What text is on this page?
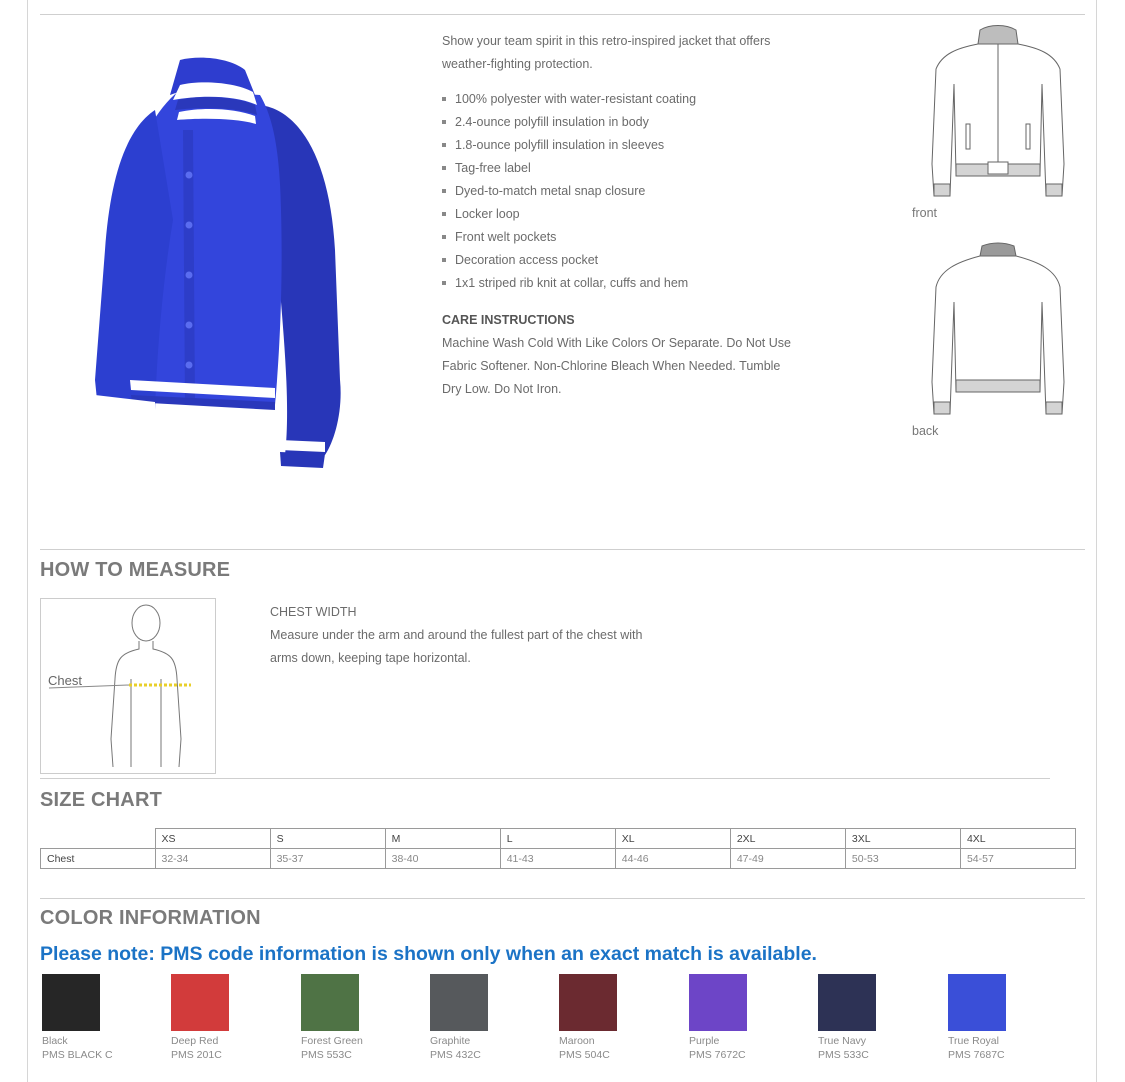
Show your team spirit in this retro-inspired jacket that offers weather-fighting protection.

100% polyester with water-resistant coating
2.4-ounce polyfill insulation in body
1.8-ounce polyfill insulation in sleeves
Tag-free label
Dyed-to-match metal snap closure
Locker loop
Front welt pockets
Decoration access pocket
1x1 striped rib knit at collar, cuffs and hem
CARE INSTRUCTIONS
Machine Wash Cold With Like Colors Or Separate. Do Not Use Fabric Softener. Non-Chlorine Bleach When Needed. Tumble Dry Low. Do Not Iron.
front
back
HOW TO MEASURE
Chest
CHEST WIDTH
Measure under the arm and around the fullest part of the chest with arms down, keeping tape horizontal.
SIZE CHART
	XS	S	M	L	XL	2XL	3XL	4XL
Chest	32-34	35-37	38-40	41-43	44-46	47-49	50-53	54-57
COLOR INFORMATION
Please note: PMS code information is shown only when an exact match is available.
Black
PMS BLACK C
Deep Red
PMS 201C
Forest Green
PMS 553C
Graphite
PMS 432C
Maroon
PMS 504C
Purple
PMS 7672C
True Navy
PMS 533C
True Royal
PMS 7687C
